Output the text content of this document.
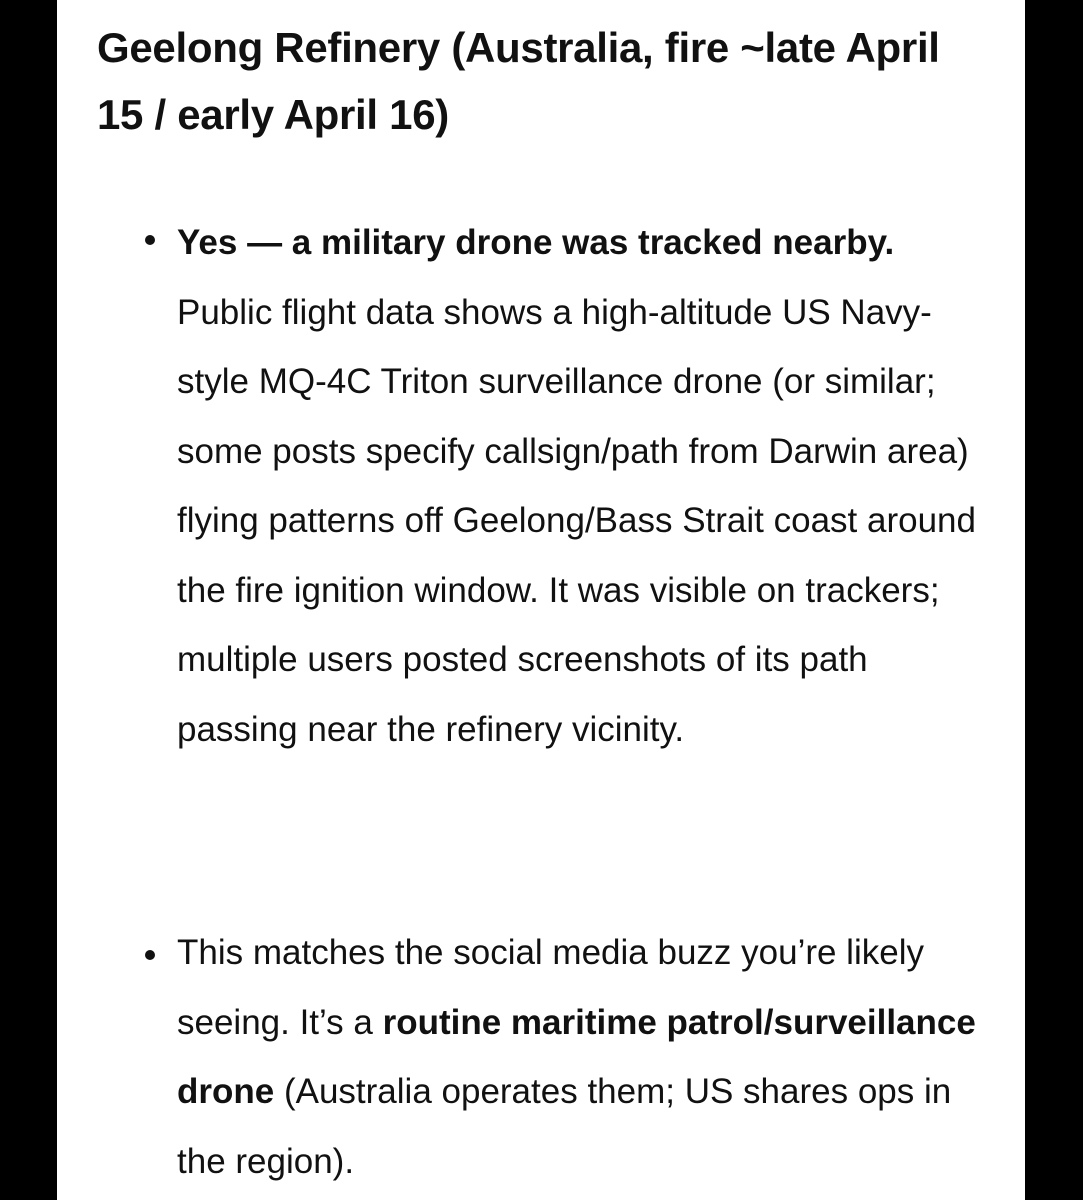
Geelong Refinery (Australia, fire ~late April 15 / early April 16)

Yes — a military drone was tracked nearby. Public flight data shows a high-altitude US Navy-style MQ-4C Triton surveillance drone (or similar; some posts specify callsign/path from Darwin area) flying patterns off Geelong/Bass Strait coast around the fire ignition window. It was visible on trackers; multiple users posted screenshots of its path passing near the refinery vicinity.

This matches the social media buzz you’re likely seeing. It’s a routine maritime patrol/surveillance drone (Australia operates them; US shares ops in the region).
